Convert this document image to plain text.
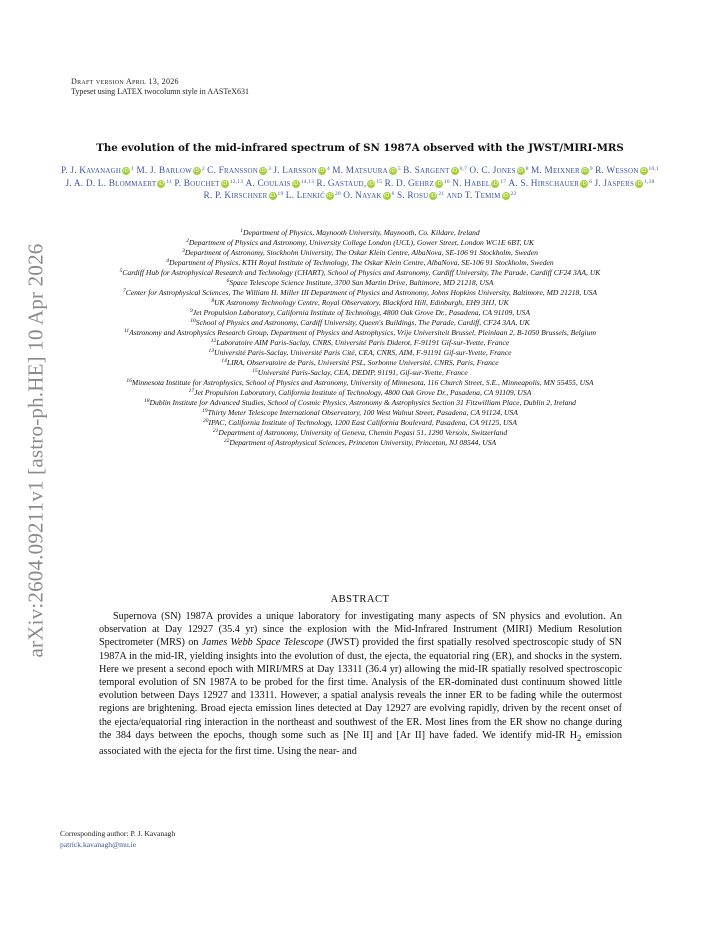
arXiv:2604.09211v1 [astro-ph.HE] 10 Apr 2026
Draft version April 13, 2026
Typeset using LATEX twocolumn style in AASTeX631
The evolution of the mid-infrared spectrum of SN 1987A observed with the JWST/MIRI-MRS
P. J. Kavanagh iD $^1$ M. J. Barlow iD $^2$ C. Fransson iD $^3$ J. Larsson iD $^4$ M. Matsuura iD $^5$ B. Sargent iD $^{6,7}$ O. C. Jones iD $^8$ M. Meixner iD $^9$ R. Wesson iD $^{10,1}$ J. A. D. L. Blommaert iD $^{11}$ P. Bouchet iD $^{12,13}$ A. Coulais iD $^{14,13}$ R. Gastaud, iD $^{15}$ R. D. Gehrz iD $^{16}$ N. Habel iD $^{17}$ A. S. Hirschauer iD $^6$ J. Jaspers iD $^{1,18}$ R. P. Kirschner iD $^{19}$ L. Lenkić iD $^{20}$ O. Nayak iD $^6$ S. Rosu iD $^{21}$ and T. Temim iD $^{22}$
$^1$Department of Physics, Maynooth University, Maynooth, Co. Kildare, Ireland
$^2$Department of Physics and Astronomy, University College London (UCL), Gower Street, London WC1E 6BT, UK
$^3$Department of Astronomy, Stockholm University, The Oskar Klein Centre, AlbaNova, SE-106 91 Stockholm, Sweden
$^4$Department of Physics, KTH Royal Institute of Technology, The Oskar Klein Centre, AlbaNova, SE-106 91 Stockholm, Sweden
$^5$Cardiff Hub for Astrophysical Research and Technology (CHART), School of Physics and Astronomy, Cardiff University, The Parade, Cardiff CF24 3AA, UK
$^6$Space Telescope Science Institute, 3700 San Martin Drive, Baltimore, MD 21218, USA
$^7$Center for Astrophysical Sciences, The William H. Miller III Department of Physics and Astronomy, Johns Hopkins University, Baltimore, MD 21218, USA
$^8$UK Astronomy Technology Centre, Royal Observatory, Blackford Hill, Edinburgh, EH9 3HJ, UK
$^9$Jet Propulsion Laboratory, California Institute of Technology, 4800 Oak Grove Dr., Pasadena, CA 91109, USA
$^{10}$School of Physics and Astronomy, Cardiff University, Queen's Buildings, The Parade, Cardiff, CF24 3AA, UK
$^{11}$Astronomy and Astrophysics Research Group, Department of Physics and Astrophysics, Vrije Universiteit Brussel, Pleinlaan 2, B-1050 Brussels, Belgium
$^{12}$Laboratoire AIM Paris-Saclay, CNRS, Université Paris Diderot, F-91191 Gif-sur-Yvette, France
$^{13}$Université Paris-Saclay, Université Paris Cité, CEA, CNRS, AIM, F-91191 Gif-sur-Yvette, France
$^{14}$LIRA, Observatoire de Paris, Université PSL, Sorbonne Université, CNRS, Paris, France
$^{15}$Université Paris-Saclay, CEA, DEDIP, 91191, Gif-sur-Yvette, France
$^{16}$Minnesota Institute for Astrophysics, School of Physics and Astronomy, University of Minnesota, 116 Church Street, S.E., Minneapolis, MN 55455, USA
$^{17}$Jet Propulsion Laboratory, California Institute of Technology, 4800 Oak Grove Dr., Pasadena, CA 91109, USA
$^{18}$Dublin Institute for Advanced Studies, School of Cosmic Physics, Astronomy & Astrophysics Section 31 Fitzwilliam Place, Dublin 2, Ireland
$^{19}$Thirty Meter Telescope International Observatory, 100 West Walnut Street, Pasadena, CA 91124, USA
$^{20}$IPAC, California Institute of Technology, 1200 East California Boulevard, Pasadena, CA 91125, USA
$^{21}$Department of Astronomy, University of Geneva, Chemin Pegasi 51, 1290 Versoix, Switzerland
$^{22}$Department of Astrophysical Sciences, Princeton University, Princeton, NJ 08544, USA
ABSTRACT

Supernova (SN) 1987A provides a unique laboratory for investigating many aspects of SN physics and evolution. An observation at Day 12927 (35.4 yr) since the explosion with the Mid-Infrared Instrument (MIRI) Medium Resolution Spectrometer (MRS) on James Webb Space Telescope (JWST) provided the first spatially resolved spectroscopic study of SN 1987A in the mid-IR, yielding insights into the evolution of dust, the ejecta, the equatorial ring (ER), and shocks in the system. Here we present a second epoch with MIRI/MRS at Day 13311 (36.4 yr) allowing the mid-IR spatially resolved spectroscopic temporal evolution of SN 1987A to be probed for the first time. Analysis of the ER-dominated dust continuum showed little evolution between Days 12927 and 13311. However, a spatial analysis reveals the inner ER to be fading while the outermost regions are brightening. Broad ejecta emission lines detected at Day 12927 are evolving rapidly, driven by the recent onset of the ejecta/equatorial ring interaction in the northeast and southwest of the ER. Most lines from the ER show no change during the 384 days between the epochs, though some such as [Ne II] and [Ar II] have faded. We identify mid-IR $H_2$ emission associated with the ejecta for the first time. Using the near- and

Corresponding author: P. J. Kavanagh
patrick.kavanagh@mu.ie
